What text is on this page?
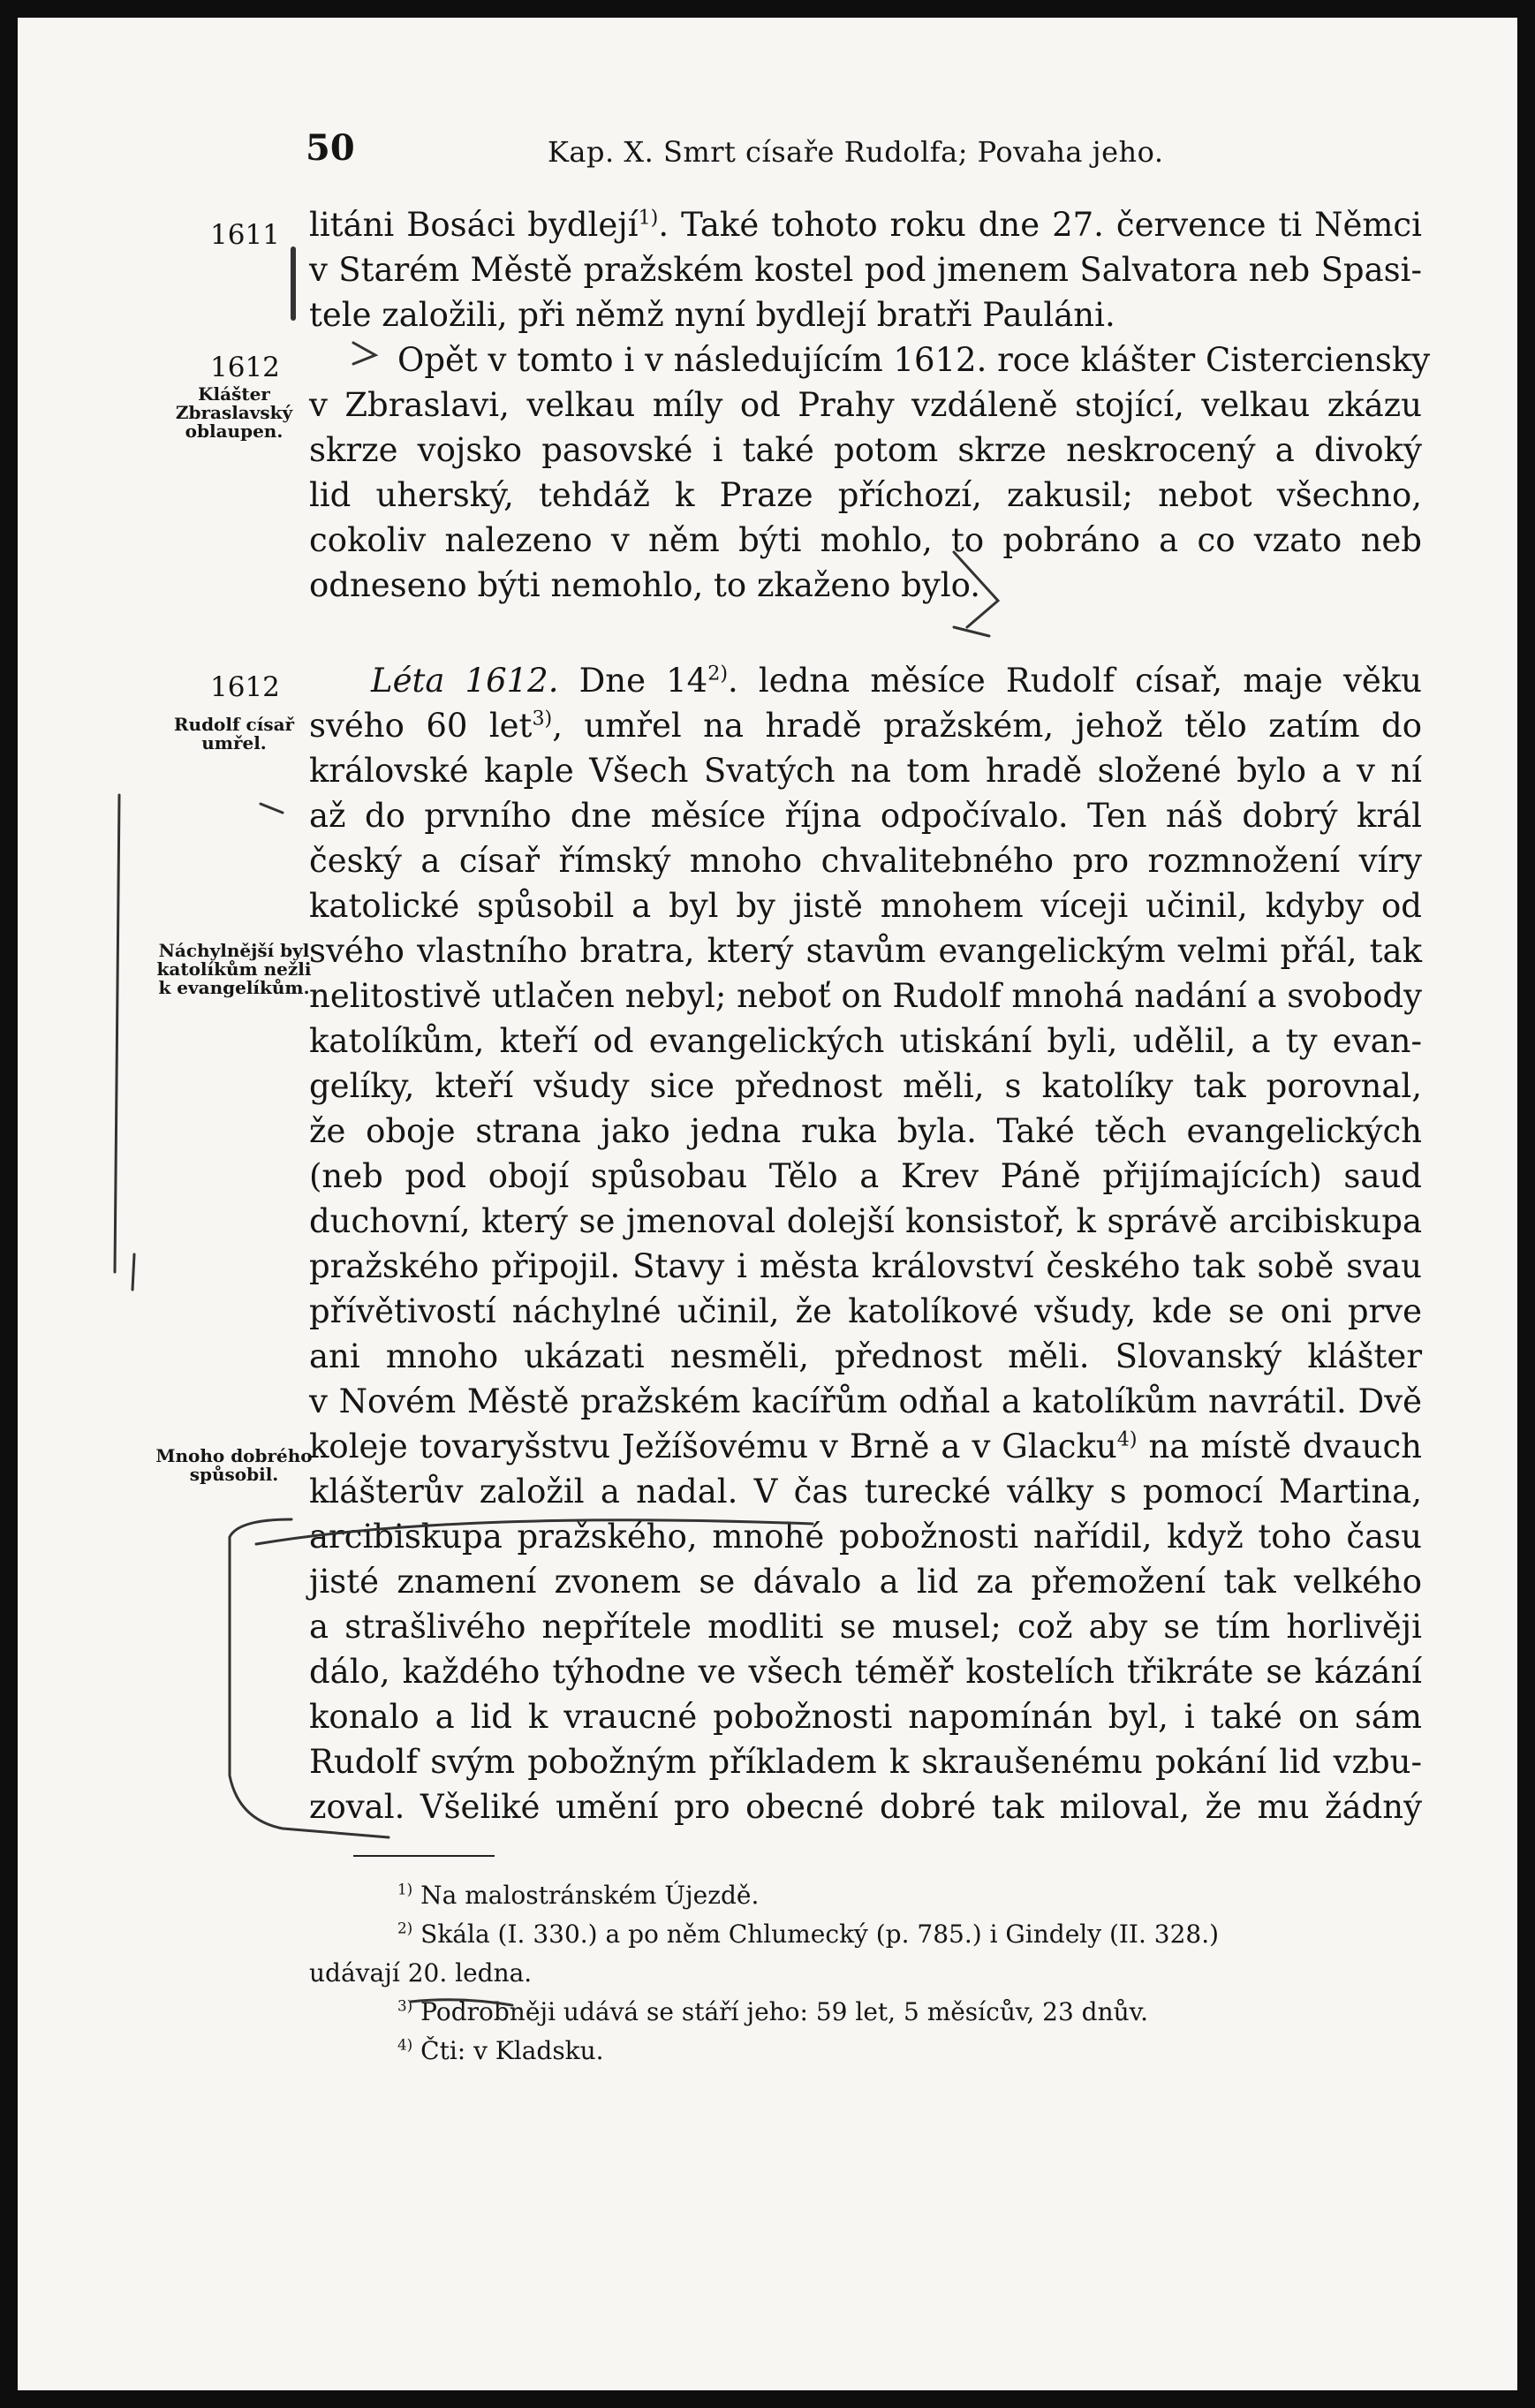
50	Kap. X. Smrt císaře Rudolfa; Povaha jeho.
1611
1612
1612
Klášter Zbraslavský oblaupen.
Rudolf císař umřel.
Náchylnější byl katolíkům nežli k evangelíkům.
Mnoho dobrého spůsobil.
litáni Bosáci bydlejí$^{1)}$. Také tohoto roku dne 27. července ti Němci
v Starém Městě pražském kostel pod jmenem Salvatora neb Spasi-
tele založili, při němž nyní bydlejí bratři Pauláni.
Opět v tomto i v následujícím 1612. roce klášter Cisterciensky
v Zbraslavi, velkau míly od Prahy vzdáleně stojící, velkau zkázu
skrze vojsko pasovské i také potom skrze neskrocený a divoký
lid uherský, tehdáž k Praze příchozí, zakusil; nebot všechno,
cokoliv nalezeno v něm býti mohlo, to pobráno a co vzato neb
odneseno býti nemohlo, to zkaženo bylo.
Léta 1612. Dne 14$^{2)}$. ledna měsíce Rudolf císař, maje věku
svého 60 let$^{3)}$, umřel na hradě pražském, jehož tělo zatím do
královské kaple Všech Svatých na tom hradě složené bylo a v ní
až do prvního dne měsíce října odpočívalo. Ten náš dobrý král
český a císař římský mnoho chvalitebného pro rozmnožení víry
katolické spůsobil a byl by jistě mnohem víceji učinil, kdyby od
svého vlastního bratra, který stavům evangelickým velmi přál, tak
nelitostivě utlačen nebyl; neboť on Rudolf mnohá nadání a svobody
katolíkům, kteří od evangelických utiskání byli, udělil, a ty evan-
gelíky, kteří všudy sice přednost měli, s katolíky tak porovnal,
že oboje strana jako jedna ruka byla. Také těch evangelických
(neb pod obojí spůsobau Tělo a Krev Páně přijímajících) saud
duchovní, který se jmenoval dolejší konsistoř, k správě arcibiskupa
pražského připojil. Stavy i města království českého tak sobě svau
přívětivostí náchylné učinil, že katolíkové všudy, kde se oni prve
ani mnoho ukázati nesměli, přednost měli. Slovanský klášter
v Novém Městě pražském kacířům odňal a katolíkům navrátil. Dvě
koleje tovaryšstvu Ježíšovému v Brně a v Glacku$^{4)}$ na místě dvauch
klášterův založil a nadal. V čas turecké války s pomocí Martina,
arcibiskupa pražského, mnohé pobožnosti nařídil, když toho času
jisté znamení zvonem se dávalo a lid za přemožení tak velkého
a strašlivého nepřítele modliti se musel; což aby se tím horlivěji
dálo, každého týhodne ve všech téměř kostelích třikráte se kázání
konalo a lid k vraucné pobožnosti napomínán byl, i také on sám
Rudolf svým pobožným příkladem k skraušenému pokání lid vzbu-
zoval. Všeliké umění pro obecné dobré tak miloval, že mu žádný
$^{1)}$ Na malostránském Újezdě.
$^{2)}$ Skála (I. 330.) a po něm Chlumecký (p. 785.) i Gindely (II. 328.)
udávají 20. ledna.
$^{3)}$ Podrobněji udává se stáří jeho: 59 let, 5 měsícův, 23 dnův.
$^{4)}$ Čti: v Kladsku.
